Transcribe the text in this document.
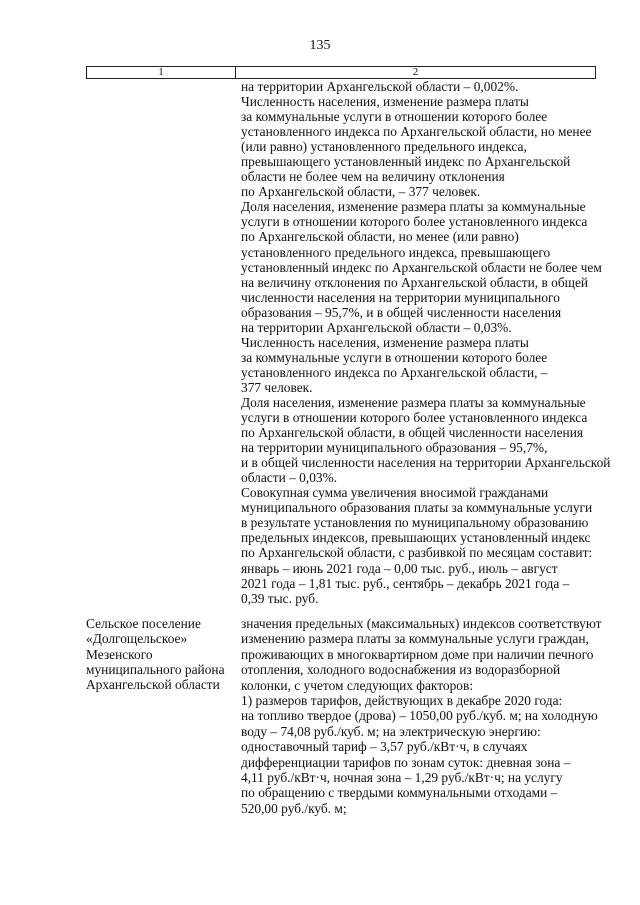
135
1	2
на территории Архангельской области – 0,002%.
Численность населения, изменение размера платы
за коммунальные услуги в отношении которого более
установленного индекса по Архангельской области, но менее
(или равно) установленного предельного индекса,
превышающего установленный индекс по Архангельской
области не более чем на величину отклонения
по Архангельской области, – 377 человек.
Доля населения, изменение размера платы за коммунальные
услуги в отношении которого более установленного индекса
по Архангельской области, но менее (или равно)
установленного предельного индекса, превышающего
установленный индекс по Архангельской области не более чем
на величину отклонения по Архангельской области, в общей
численности населения на территории муниципального
образования – 95,7%, и в общей численности населения
на территории Архангельской области – 0,03%.
Численность населения, изменение размера платы
за коммунальные услуги в отношении которого более
установленного индекса по Архангельской области, –
377 человек.
Доля населения, изменение размера платы за коммунальные
услуги в отношении которого более установленного индекса
по Архангельской области, в общей численности населения
на территории муниципального образования – 95,7%,
и в общей численности населения на территории Архангельской
области – 0,03%.
Совокупная сумма увеличения вносимой гражданами
муниципального образования платы за коммунальные услуги
в результате установления по муниципальному образованию
предельных индексов, превышающих установленный индекс
по Архангельской области, с разбивкой по месяцам составит:
январь – июнь 2021 года – 0,00 тыс. руб., июль – август
2021 года – 1,81 тыс. руб., сентябрь – декабрь 2021 года –
0,39 тыс. руб.
Сельское поселение
«Долгощельское»
Мезенского
муниципального района
Архангельской области
значения предельных (максимальных) индексов соответствуют
изменению размера платы за коммунальные услуги граждан,
проживающих в многоквартирном доме при наличии печного
отопления, холодного водоснабжения из водоразборной
колонки, с учетом следующих факторов:
1) размеров тарифов, действующих в декабре 2020 года:
на топливо твердое (дрова) – 1050,00 руб./куб. м; на холодную
воду – 74,08 руб./куб. м; на электрическую энергию:
одноставочный тариф – 3,57 руб./кВт·ч, в случаях
дифференциации тарифов по зонам суток: дневная зона –
4,11 руб./кВт·ч, ночная зона – 1,29 руб./кВт·ч; на услугу
по обращению с твердыми коммунальными отходами –
520,00 руб./куб. м;
